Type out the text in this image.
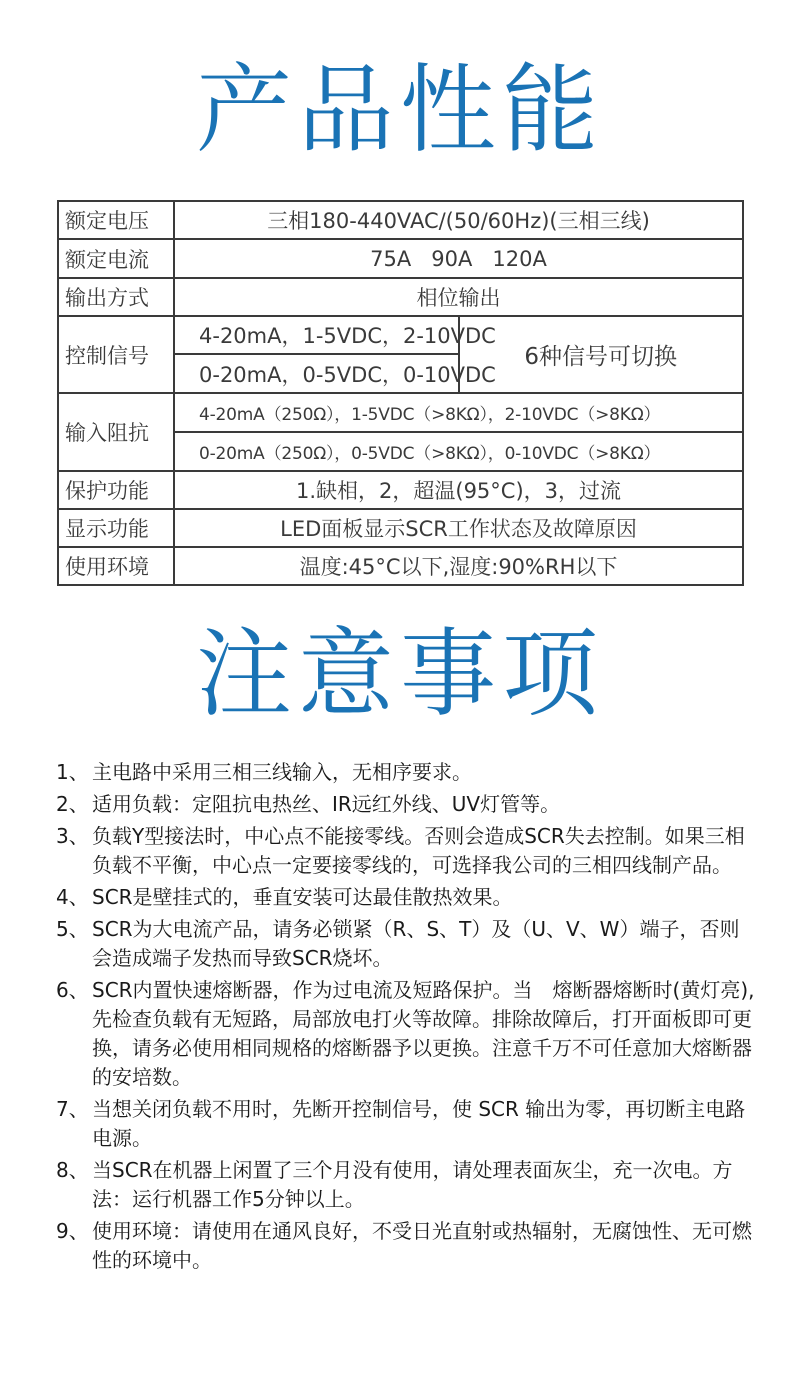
产品性能
额定电压	三相180-440VAC/(50/60Hz)(三相三线)	
额定电流	75A   90A   120A	
输出方式	相位输出	
控制信号	4-20mA，1-5VDC，2-10VDC	6种信号可切换
	0-20mA，0-5VDC，0-10VDC	
输入阻抗	4-20mA（250Ω），1-5VDC（>8KΩ），2-10VDC（>8KΩ）	
	0-20mA（250Ω），0-5VDC（>8KΩ），0-10VDC（>8KΩ）	
保护功能	1.缺相，2，超温(95°C)，3，过流	
显示功能	LED面板显示SCR工作状态及故障原因	
使用环境	温度:45°C以下,湿度:90%RH以下	
注意事项
1、 主电路中采用三相三线输入，无相序要求。
2、 适用负载：定阻抗电热丝、IR远红外线、UV灯管等。
3、 负载Y型接法时，中心点不能接零线。否则会造成SCR失去控制。如果三相负载不平衡，中心点一定要接零线的，可选择我公司的三相四线制产品。
4、 SCR是壁挂式的，垂直安装可达最佳散热效果。
5、 SCR为大电流产品，请务必锁紧（R、S、T）及（U、V、W）端子，否则会造成端子发热而导致SCR烧坏。
6、 SCR内置快速熔断器，作为过电流及短路保护。当　熔断器熔断时(黄灯亮),先检查负载有无短路，局部放电打火等故障。排除故障后，打开面板即可更换，请务必使用相同规格的熔断器予以更换。注意千万不可任意加大熔断器的安培数。
7、 当想关闭负载不用时，先断开控制信号，使 SCR 输出为零，再切断主电路电源。
8、 当SCR在机器上闲置了三个月没有使用，请处理表面灰尘，充一次电。方法：运行机器工作5分钟以上。
9、 使用环境：请使用在通风良好，不受日光直射或热辐射，无腐蚀性、无可燃性的环境中。
